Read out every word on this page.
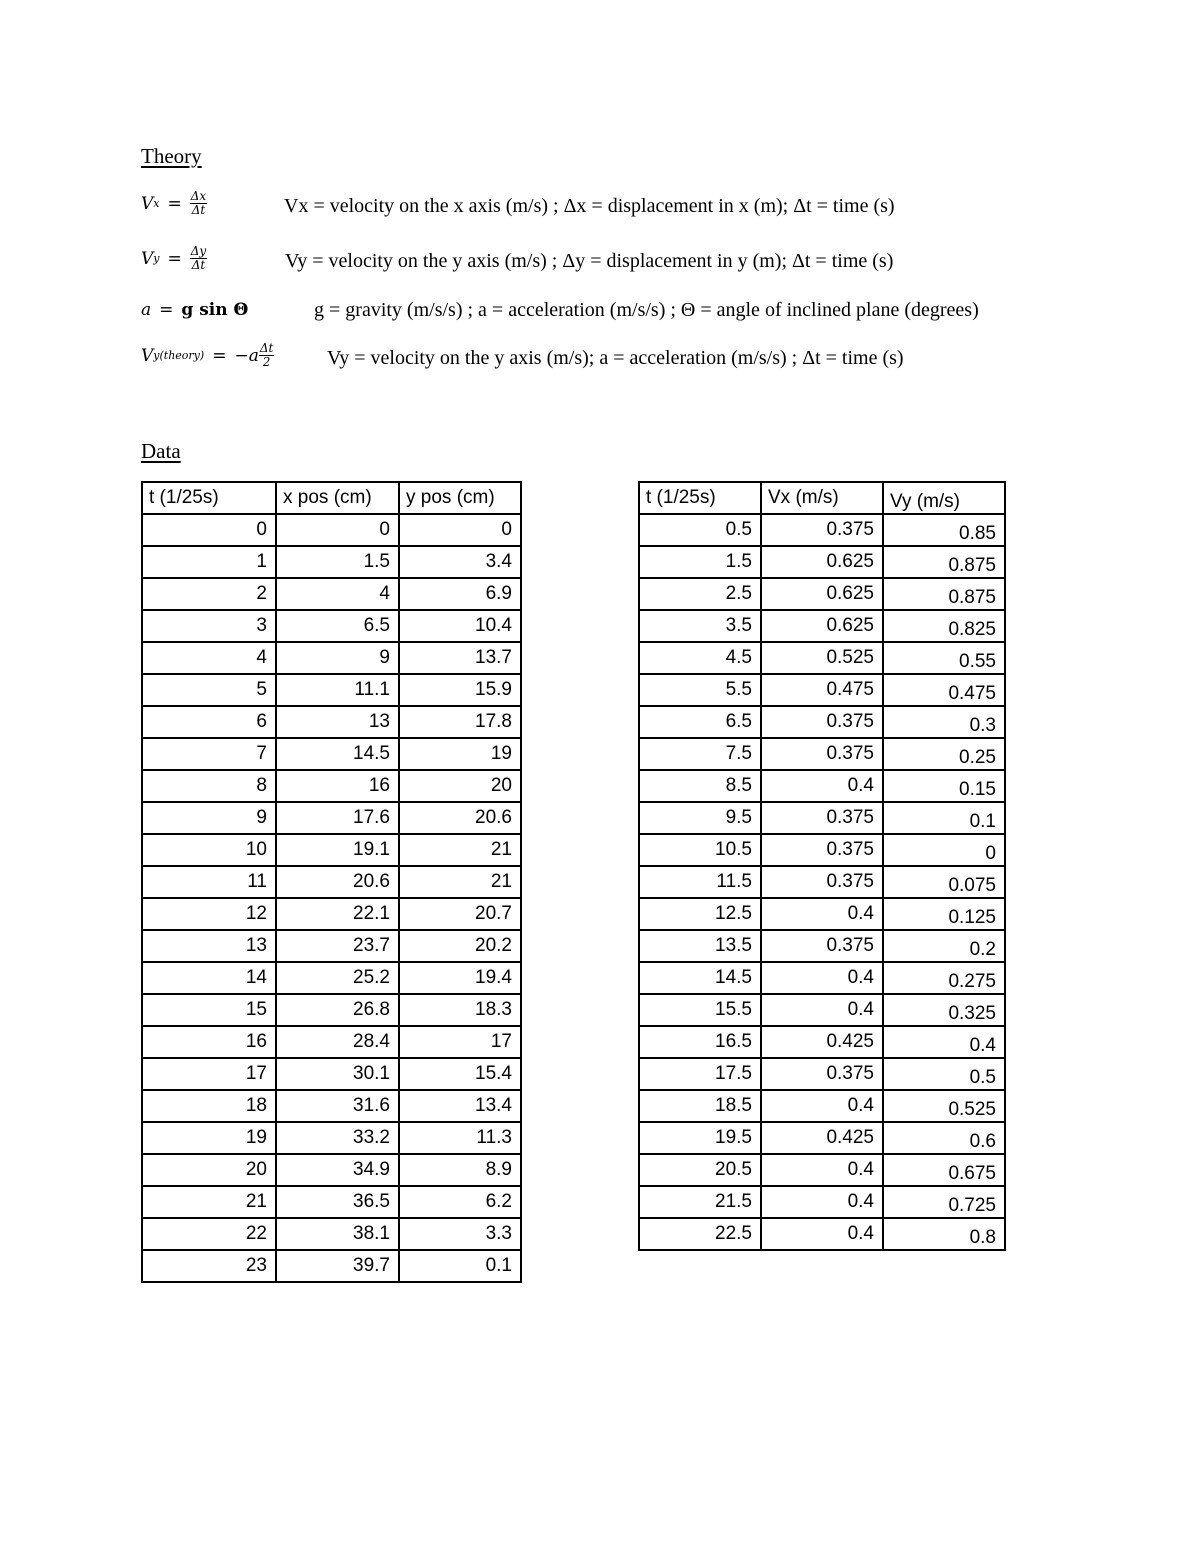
Theory
V $x = \frac{\Delta x}{\Delta t}$	Vx = velocity on the x axis (m/s) ; Δx = displacement in x (m); Δt = time (s)
V $y = \frac{\Delta y}{\Delta t}$	Vy = velocity on the y axis (m/s) ; Δy = displacement in y (m); Δt = time (s)
a = g sin Θ	g = gravity (m/s/s) ; a = acceleration (m/s/s) ; Θ = angle of inclined plane (degrees)
V y(theory) = $-a \frac{\Delta t}{2}$	Vy = velocity on the y axis (m/s); a = acceleration (m/s/s) ; Δt = time (s)
Data
t (1/25s)	x pos (cm)	y pos (cm)
0	0	0
1	1.5	3.4
2	4	6.9
3	6.5	10.4
4	9	13.7
5	11.1	15.9
6	13	17.8
7	14.5	19
8	16	20
9	17.6	20.6
10	19.1	21
11	20.6	21
12	22.1	20.7
13	23.7	20.2
14	25.2	19.4
15	26.8	18.3
16	28.4	17
17	30.1	15.4
18	31.6	13.4
19	33.2	11.3
20	34.9	8.9
21	36.5	6.2
22	38.1	3.3
23	39.7	0.1
t (1/25s)	Vx (m/s)	Vy (m/s)
0.5	0.375	0.85
1.5	0.625	0.875
2.5	0.625	0.875
3.5	0.625	0.825
4.5	0.525	0.55
5.5	0.475	0.475
6.5	0.375	0.3
7.5	0.375	0.25
8.5	0.4	0.15
9.5	0.375	0.1
10.5	0.375	0
11.5	0.375	0.075
12.5	0.4	0.125
13.5	0.375	0.2
14.5	0.4	0.275
15.5	0.4	0.325
16.5	0.425	0.4
17.5	0.375	0.5
18.5	0.4	0.525
19.5	0.425	0.6
20.5	0.4	0.675
21.5	0.4	0.725
22.5	0.4	0.8
